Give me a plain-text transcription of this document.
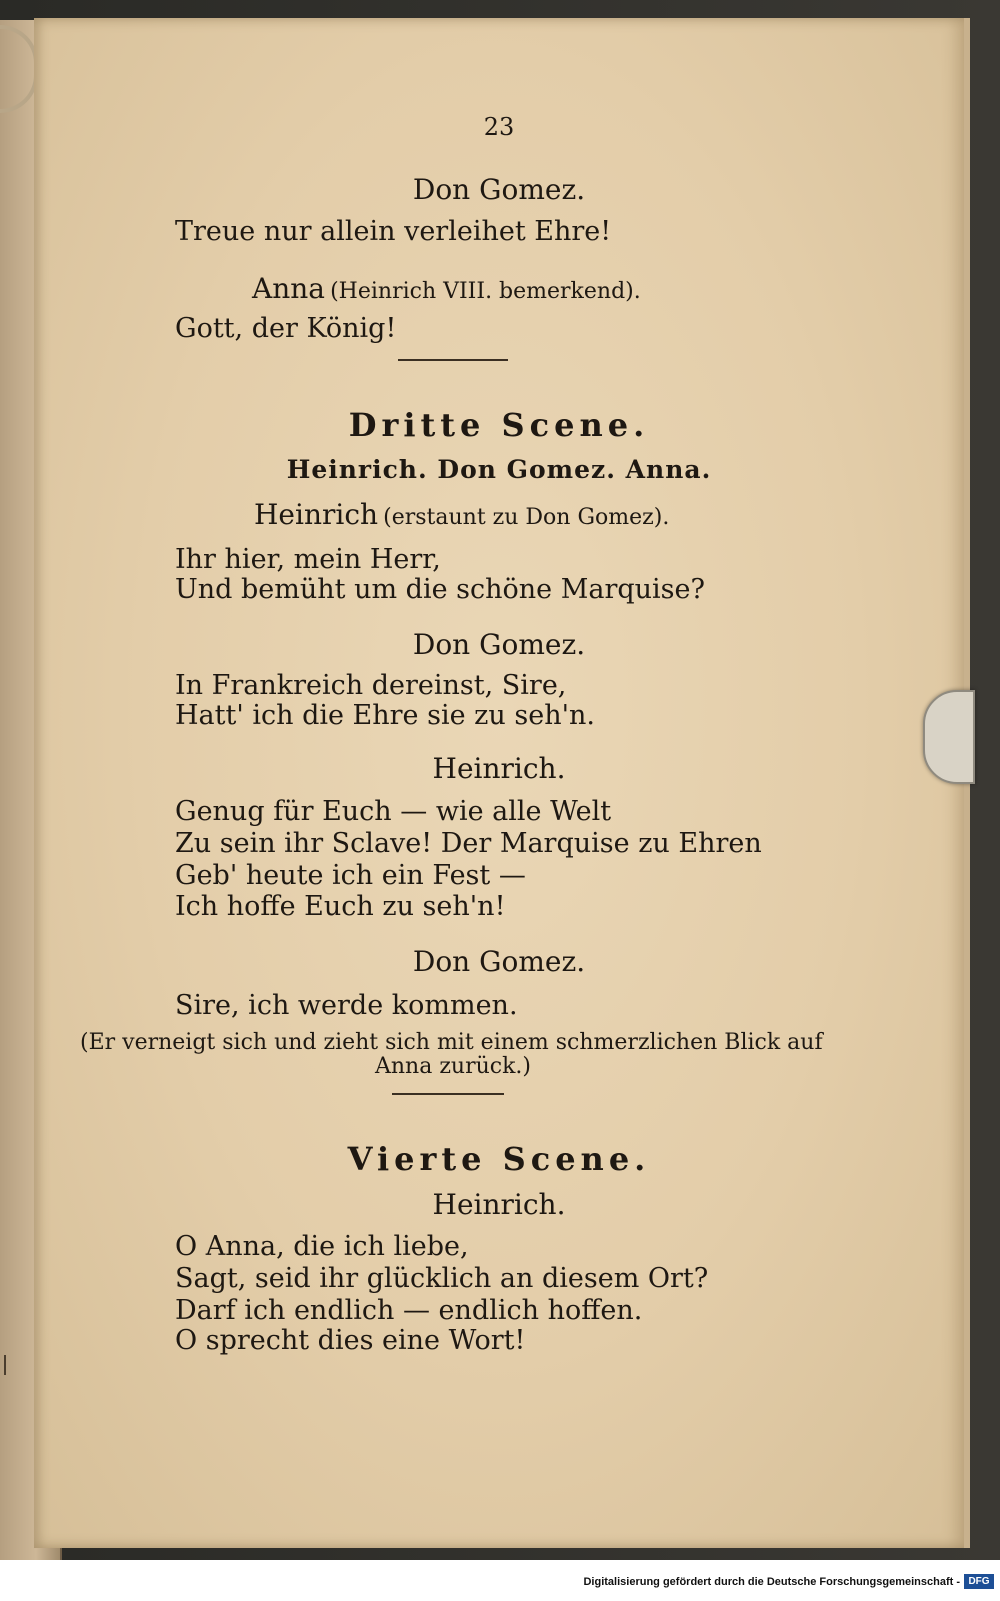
23
Don Gomez.
Treue nur allein verleihet Ehre!
Anna (Heinrich VIII. bemerkend).
Gott, der König!
Dritte Scene.
Heinrich. Don Gomez. Anna.
Heinrich (erstaunt zu Don Gomez).
Ihr hier, mein Herr,
Und bemüht um die schöne Marquise?
Don Gomez.
In Frankreich dereinst, Sire,
Hatt' ich die Ehre sie zu seh'n.
Heinrich.
Genug für Euch — wie alle Welt
Zu sein ihr Sclave! Der Marquise zu Ehren
Geb' heute ich ein Fest —
Ich hoffe Euch zu seh'n!
Don Gomez.
Sire, ich werde kommen.
(Er verneigt sich und zieht sich mit einem schmerzlichen Blick auf
Anna zurück.)
Vierte Scene.
Heinrich.
O Anna, die ich liebe,
Sagt, seid ihr glücklich an diesem Ort?
Darf ich endlich — endlich hoffen.
O sprecht dies eine Wort!
Digitalisierung gefördert durch die Deutsche Forschungsgemeinschaft - DFG
